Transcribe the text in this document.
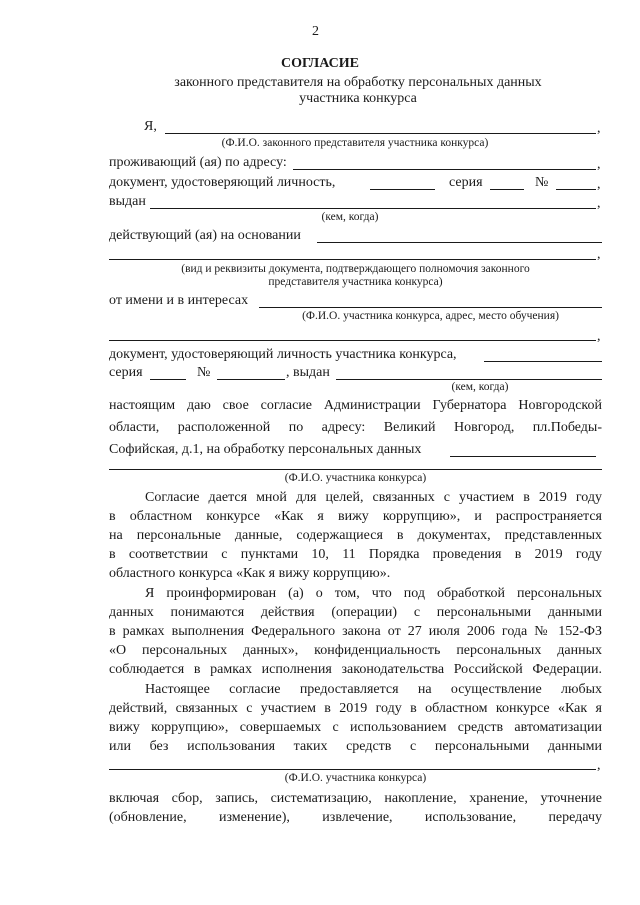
2
СОГЛАСИЕ
законного представителя на обработку персональных данных
участника конкурса
Я,	,
(Ф.И.О. законного представителя участника конкурса)
проживающий (ая) по адресу:	,
документ, удостоверяющий личность,	серия	№	,
выдан	,
(кем, когда)
действующий (ая) на основании
,
(вид и реквизиты документа, подтверждающего полномочия законного
представителя участника конкурса)
от имени и в интересах
(Ф.И.О. участника конкурса, адрес, место обучения)
,
документ, удостоверяющий личность участника конкурса,
серия	№	, выдан
(кем, когда)
настоящим даю свое согласие Администрации Губернатора Новгородской
области, расположенной по адресу: Великий Новгород, пл.Победы-
Софийская, д.1, на обработку персональных данных
(Ф.И.О. участника конкурса)
Согласие дается мной для целей, связанных с участием в 2019 году
в областном конкурсе «Как я вижу коррупцию», и распространяется
на персональные данные, содержащиеся в документах, представленных
в соответствии с пунктами 10, 11 Порядка проведения в 2019 году
областного конкурса «Как я вижу коррупцию».
Я проинформирован (а) о том, что под обработкой персональных
данных понимаются действия (операции) с персональными данными
в рамках выполнения Федерального закона от 27 июля 2006 года № 152-ФЗ
«О персональных данных», конфиденциальность персональных данных
соблюдается в рамках исполнения законодательства Российской Федерации.
Настоящее согласие предоставляется на осуществление любых
действий, связанных с участием в 2019 году в областном конкурсе «Как я
вижу коррупцию», совершаемых с использованием средств автоматизации
или без использования таких средств с персональными данными
,
(Ф.И.О. участника конкурса)
включая сбор, запись, систематизацию, накопление, хранение, уточнение
(обновление, изменение), извлечение, использование, передачу
